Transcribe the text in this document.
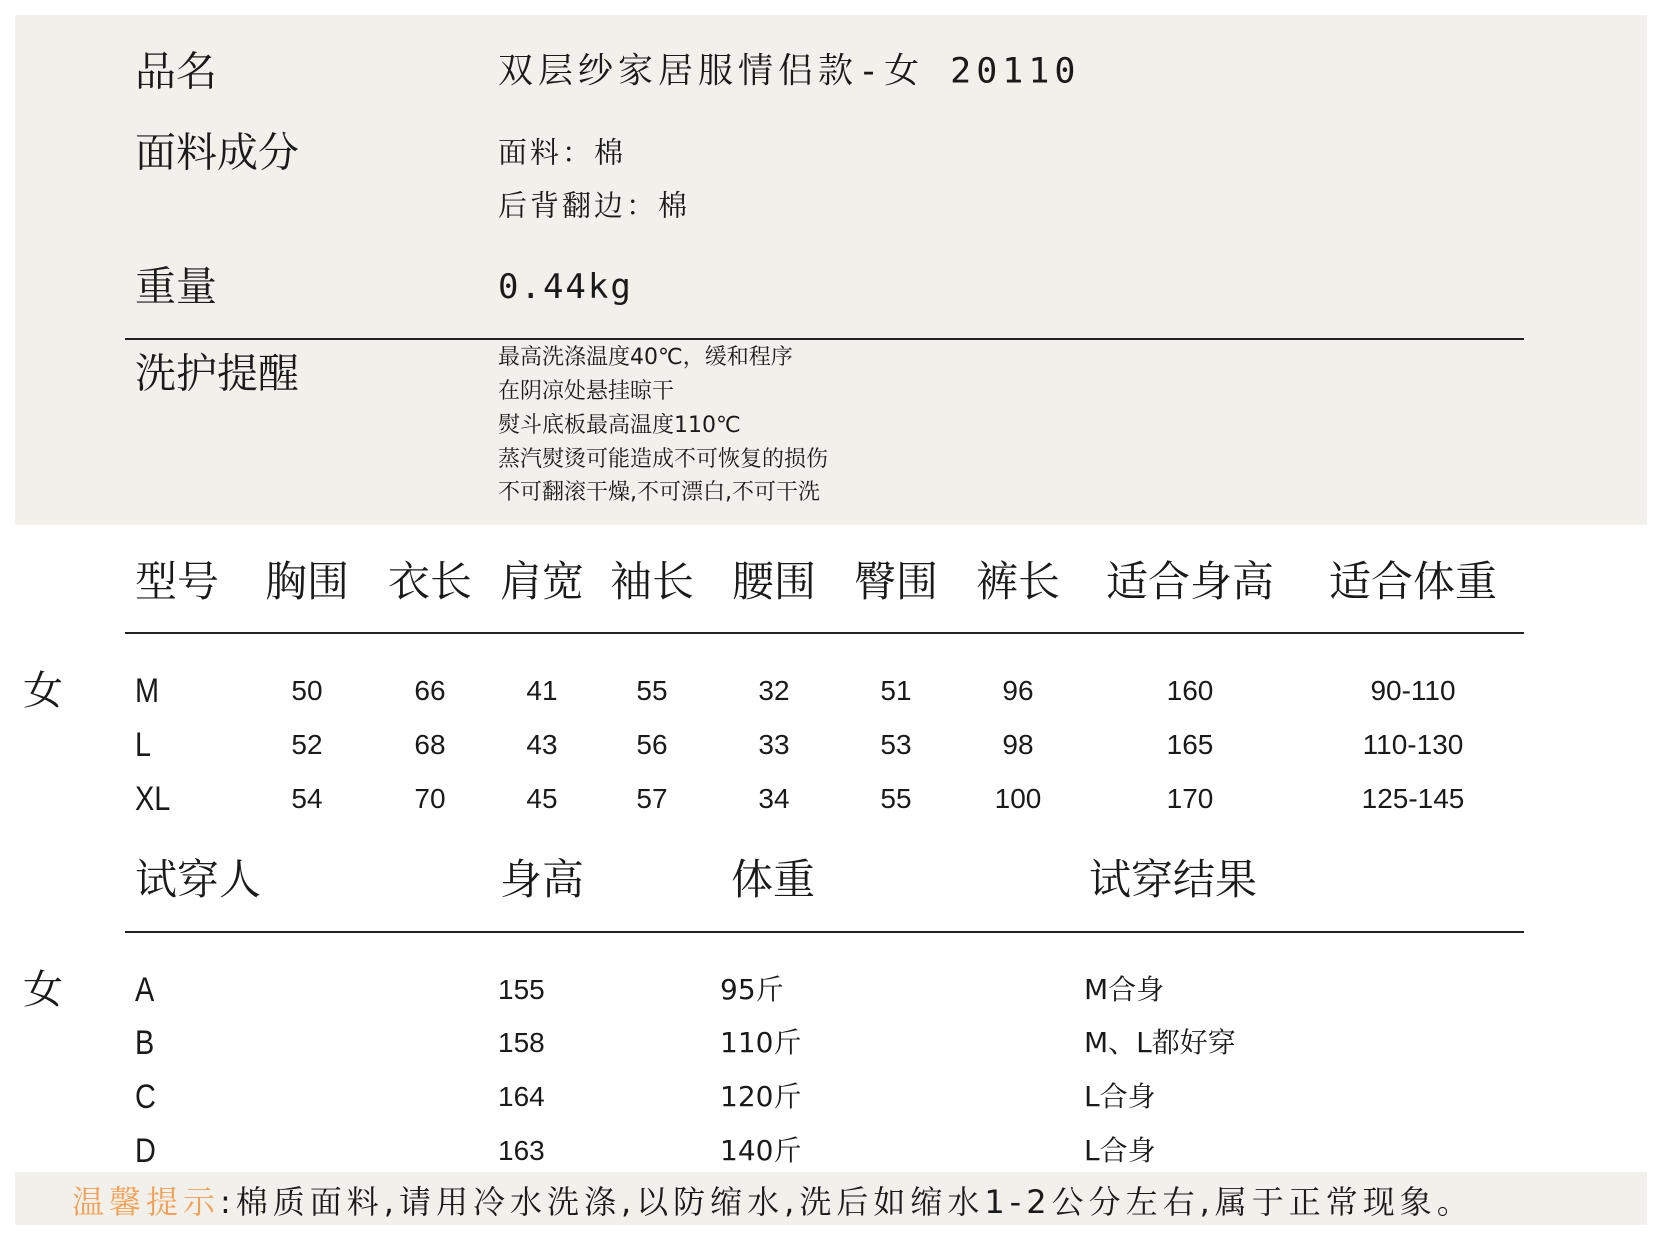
品名	双层纱家居服情侣款-女 20110
面料成分	面料：棉
后背翻边：棉
重量	0.44kg
洗护提醒	最高洗涤温度40℃，缓和程序
在阴凉处悬挂晾干
熨斗底板最高温度110℃
蒸汽熨烫可能造成不可恢复的损伤
不可翻滚干燥,不可漂白,不可干洗
型号 胸围 衣长 肩宽 袖长 腰围 臀围 裤长 适合身高 适合体重
女 M	50	66	41	55	32	51	96	160	90-110
L	52	68	43	56	33	53	98	165	110-130
XL	54	70	45	57	34	55	100	170	125-145
试穿人	身高	体重	试穿结果
女 A	155	95斤	M合身
B	158	110斤	M、L都好穿
C	164	120斤	L合身
D	163	140斤	L合身
温馨提示:棉质面料,请用冷水洗涤,以防缩水,洗后如缩水1-2公分左右,属于正常现象。
